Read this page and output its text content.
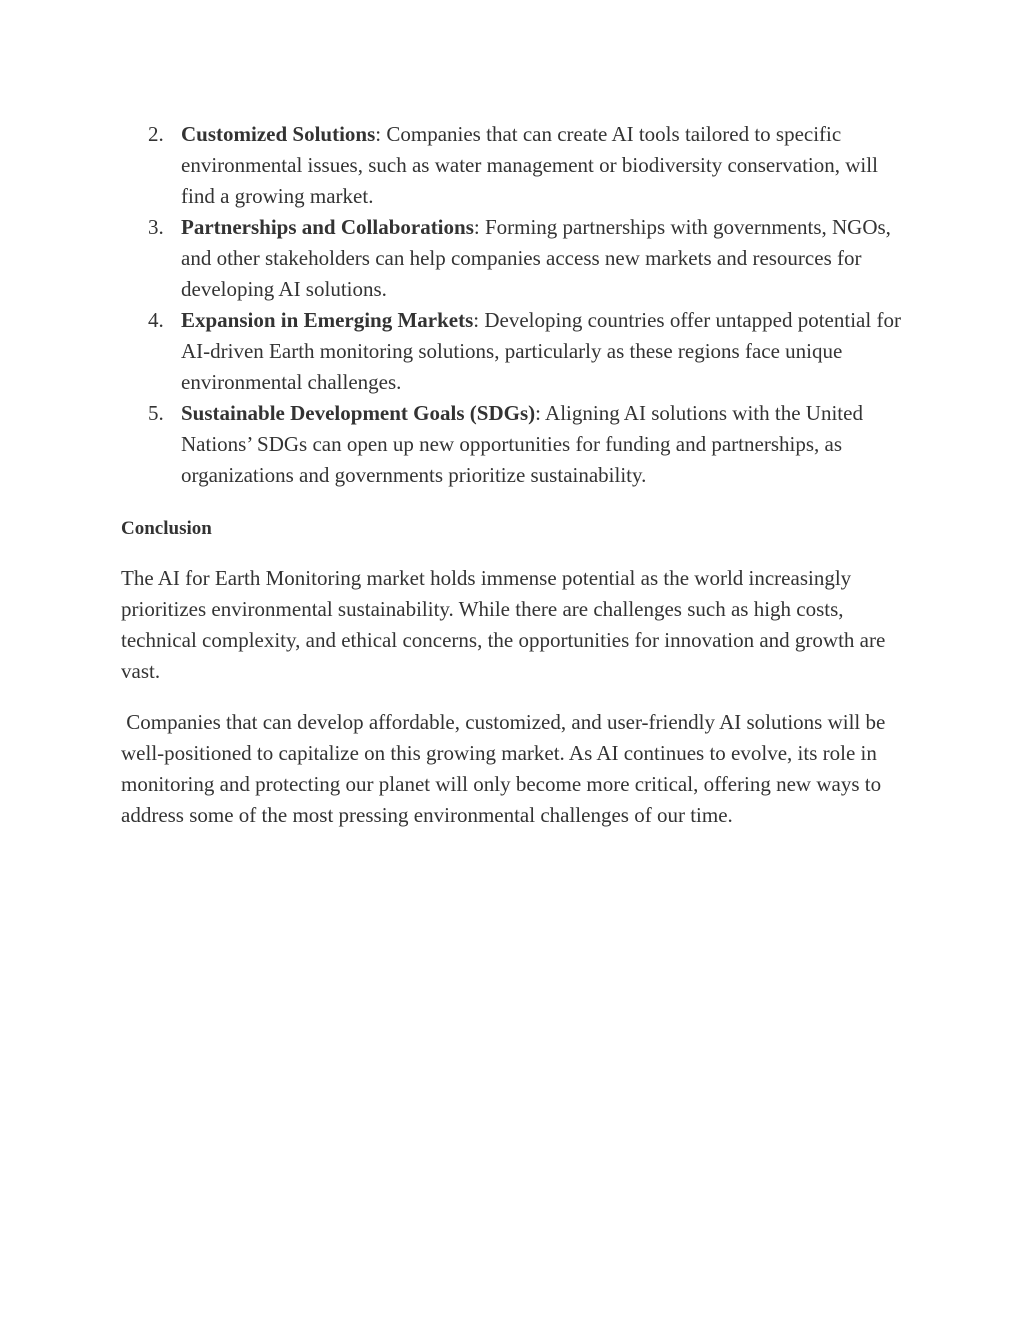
2. Customized Solutions: Companies that can create AI tools tailored to specific environmental issues, such as water management or biodiversity conservation, will find a growing market.
3. Partnerships and Collaborations: Forming partnerships with governments, NGOs, and other stakeholders can help companies access new markets and resources for developing AI solutions.
4. Expansion in Emerging Markets: Developing countries offer untapped potential for AI-driven Earth monitoring solutions, particularly as these regions face unique environmental challenges.
5. Sustainable Development Goals (SDGs): Aligning AI solutions with the United Nations’ SDGs can open up new opportunities for funding and partnerships, as organizations and governments prioritize sustainability.
Conclusion

The AI for Earth Monitoring market holds immense potential as the world increasingly prioritizes environmental sustainability. While there are challenges such as high costs, technical complexity, and ethical concerns, the opportunities for innovation and growth are vast.

Companies that can develop affordable, customized, and user-friendly AI solutions will be well-positioned to capitalize on this growing market. As AI continues to evolve, its role in monitoring and protecting our planet will only become more critical, offering new ways to address some of the most pressing environmental challenges of our time.
